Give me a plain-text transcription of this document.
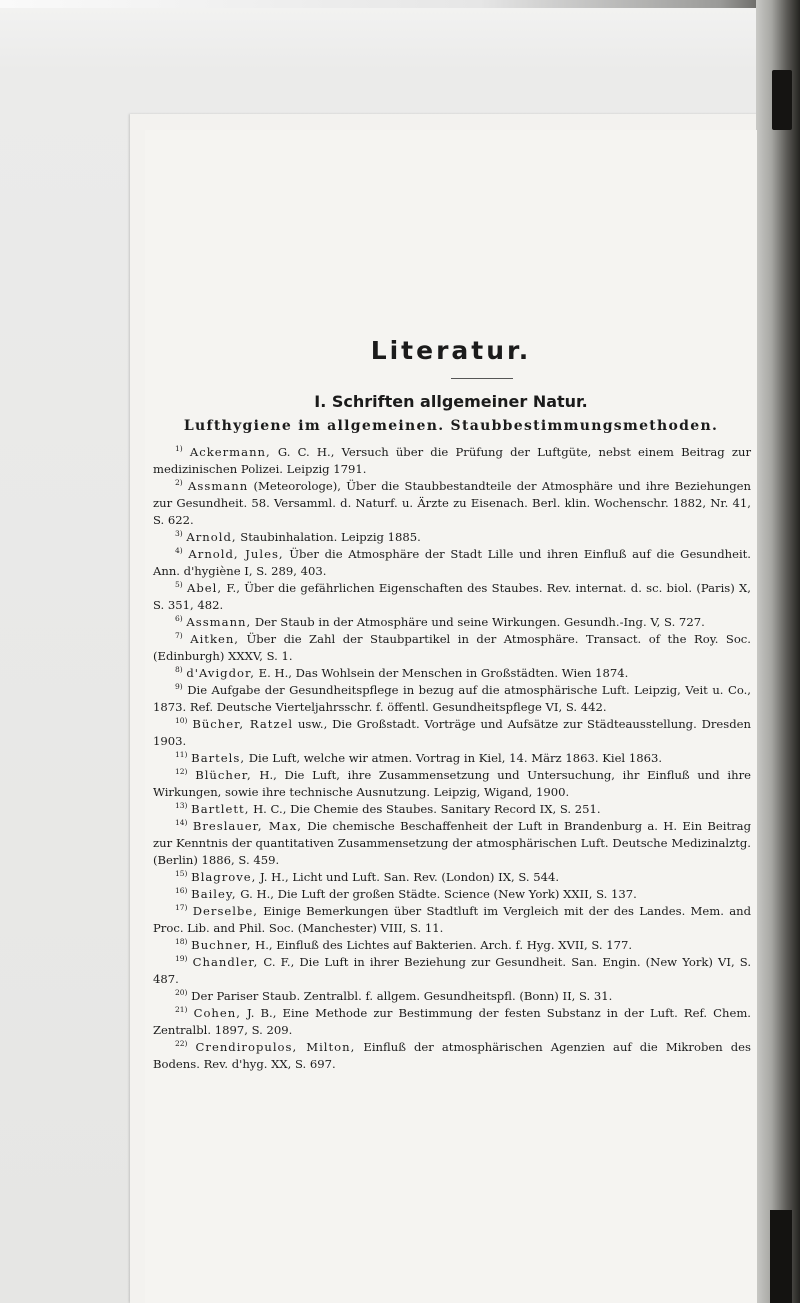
Literatur.
I. Schriften allgemeiner Natur.
Lufthygiene im allgemeinen. Staubbestimmungsmethoden.
$^{1)}$ Ackermann, G. C. H., Versuch über die Prüfung der Luftgüte, nebst einem Beitrag zur medizinischen Polizei. Leipzig 1791.
$^{2)}$ Assmann (Meteorologe), Über die Staubbestandteile der Atmosphäre und ihre Beziehungen zur Gesundheit. 58. Versamml. d. Naturf. u. Ärzte zu Eisenach. Berl. klin. Wochenschr. 1882, Nr. 41, S. 622.
$^{3)}$ Arnold, Staubinhalation. Leipzig 1885.
$^{4)}$ Arnold, Jules, Über die Atmosphäre der Stadt Lille und ihren Einfluß auf die Gesundheit. Ann. d'hygiène I, S. 289, 403.
$^{5)}$ Abel, F., Über die gefährlichen Eigenschaften des Staubes. Rev. internat. d. sc. biol. (Paris) X, S. 351, 482.
$^{6)}$ Assmann, Der Staub in der Atmosphäre und seine Wirkungen. Gesundh.-Ing. V, S. 727.
$^{7)}$ Aitken, Über die Zahl der Staubpartikel in der Atmosphäre. Transact. of the Roy. Soc. (Edinburgh) XXXV, S. 1.
$^{8)}$ d'Avigdor, E. H., Das Wohlsein der Menschen in Großstädten. Wien 1874.
$^{9)}$ Die Aufgabe der Gesundheitspflege in bezug auf die atmosphärische Luft. Leipzig, Veit u. Co., 1873. Ref. Deutsche Vierteljahrsschr. f. öffentl. Gesundheitspflege VI, S. 442.
$^{10)}$ Bücher, Ratzel usw., Die Großstadt. Vorträge und Aufsätze zur Städteausstellung. Dresden 1903.
$^{11)}$ Bartels, Die Luft, welche wir atmen. Vortrag in Kiel, 14. März 1863. Kiel 1863.
$^{12)}$ Blücher, H., Die Luft, ihre Zusammensetzung und Untersuchung, ihr Einfluß und ihre Wirkungen, sowie ihre technische Ausnutzung. Leipzig, Wigand, 1900.
$^{13)}$ Bartlett, H. C., Die Chemie des Staubes. Sanitary Record IX, S. 251.
$^{14)}$ Breslauer, Max, Die chemische Beschaffenheit der Luft in Brandenburg a. H. Ein Beitrag zur Kenntnis der quantitativen Zusammensetzung der atmosphärischen Luft. Deutsche Medizinalztg. (Berlin) 1886, S. 459.
$^{15)}$ Blagrove, J. H., Licht und Luft. San. Rev. (London) IX, S. 544.
$^{16)}$ Bailey, G. H., Die Luft der großen Städte. Science (New York) XXII, S. 137.
$^{17)}$ Derselbe, Einige Bemerkungen über Stadtluft im Vergleich mit der des Landes. Mem. and Proc. Lib. and Phil. Soc. (Manchester) VIII, S. 11.
$^{18)}$ Buchner, H., Einfluß des Lichtes auf Bakterien. Arch. f. Hyg. XVII, S. 177.
$^{19)}$ Chandler, C. F., Die Luft in ihrer Beziehung zur Gesundheit. San. Engin. (New York) VI, S. 487.
$^{20)}$ Der Pariser Staub. Zentralbl. f. allgem. Gesundheitspfl. (Bonn) II, S. 31.
$^{21)}$ Cohen, J. B., Eine Methode zur Bestimmung der festen Substanz in der Luft. Ref. Chem. Zentralbl. 1897, S. 209.
$^{22)}$ Crendiropulos, Milton, Einfluß der atmosphärischen Agenzien auf die Mikroben des Bodens. Rev. d'hyg. XX, S. 697.
